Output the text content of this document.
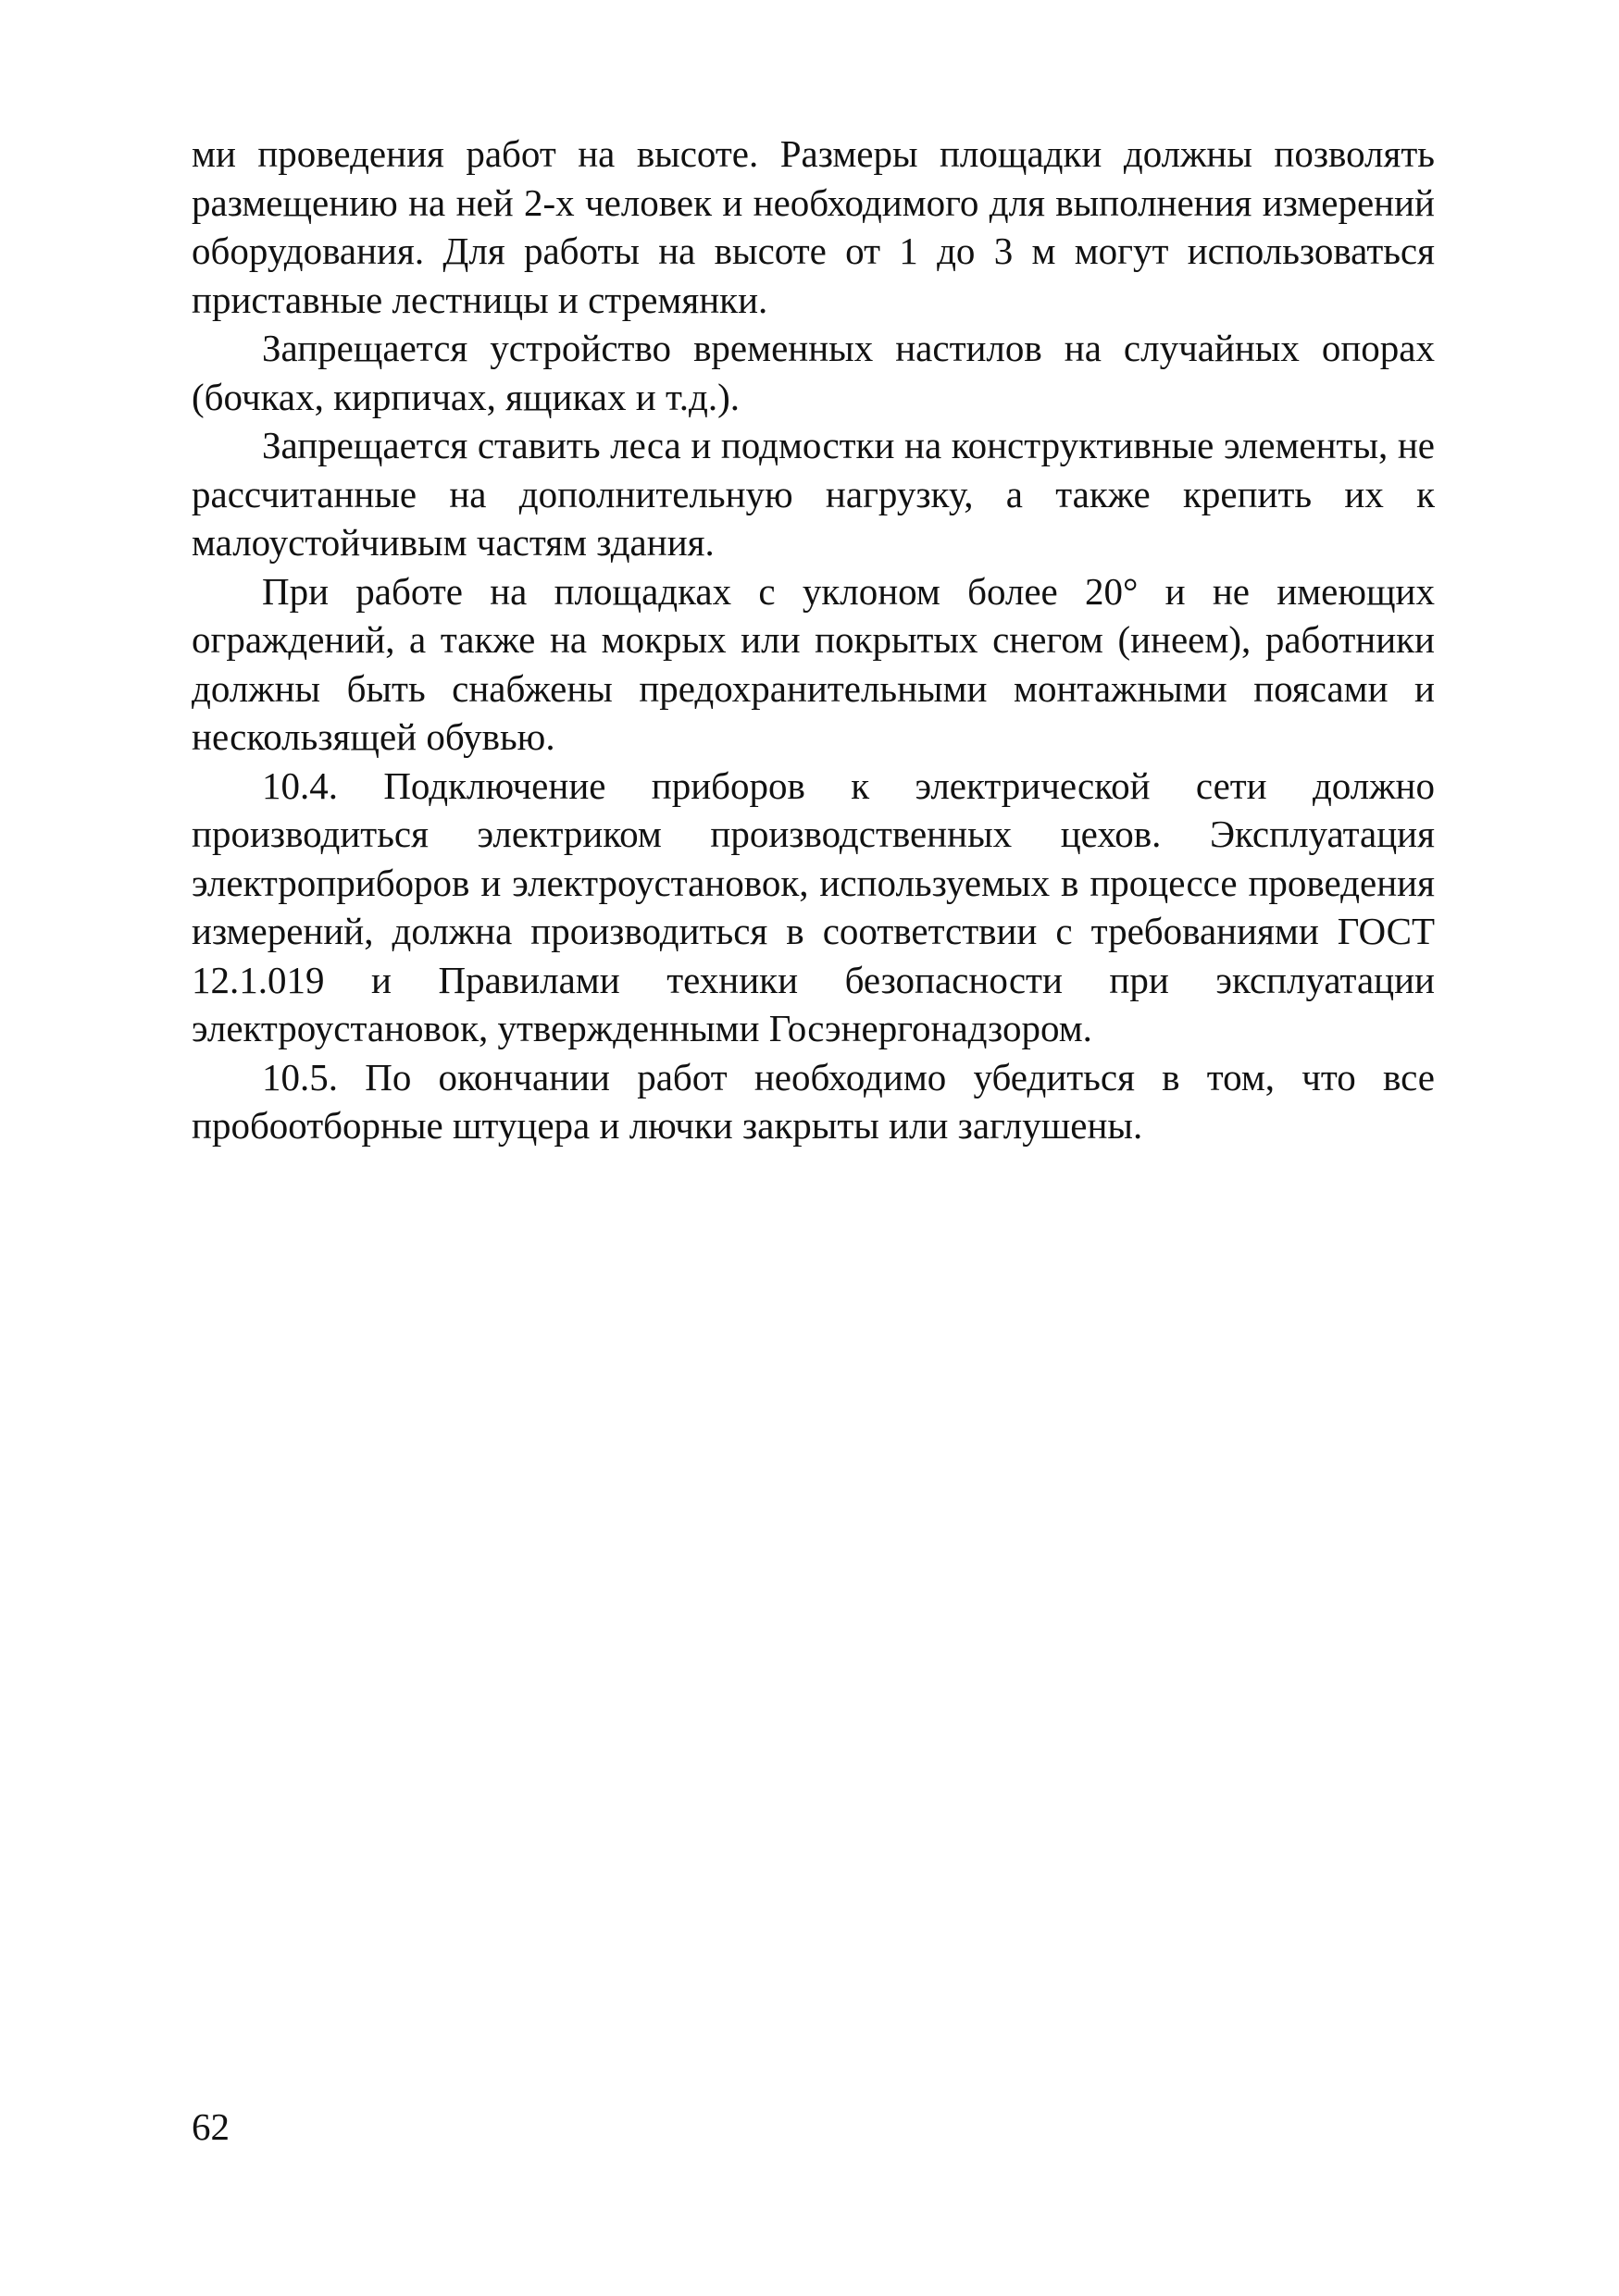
ми проведения работ на высоте. Размеры площадки должны позволять размещению на ней 2-х человек и необходимого для выполнения измерений оборудования. Для работы на высоте от 1 до 3 м могут использоваться приставные лестницы и стремянки.

Запрещается устройство временных настилов на случайных опорах (бочках, кирпичах, ящиках и т.д.).

Запрещается ставить леса и подмостки на конструктивные элементы, не рассчитанные на дополнительную нагрузку, а также крепить их к малоустойчивым частям здания.

При работе на площадках с уклоном более 20° и не имеющих ограждений, а также на мокрых или покрытых снегом (инеем), работники должны быть снабжены предохранительными монтажными поясами и нескользящей обувью.

10.4. Подключение приборов к электрической сети должно производиться электриком производственных цехов. Эксплуатация электроприборов и электроустановок, используемых в процессе проведения измерений, должна производиться в соответствии с требованиями ГОСТ 12.1.019 и Правилами техники безопасности при эксплуатации электроустановок, утвержденными Госэнергонадзором.

10.5. По окончании работ необходимо убедиться в том, что все пробоотборные штуцера и лючки закрыты или заглушены.

62
